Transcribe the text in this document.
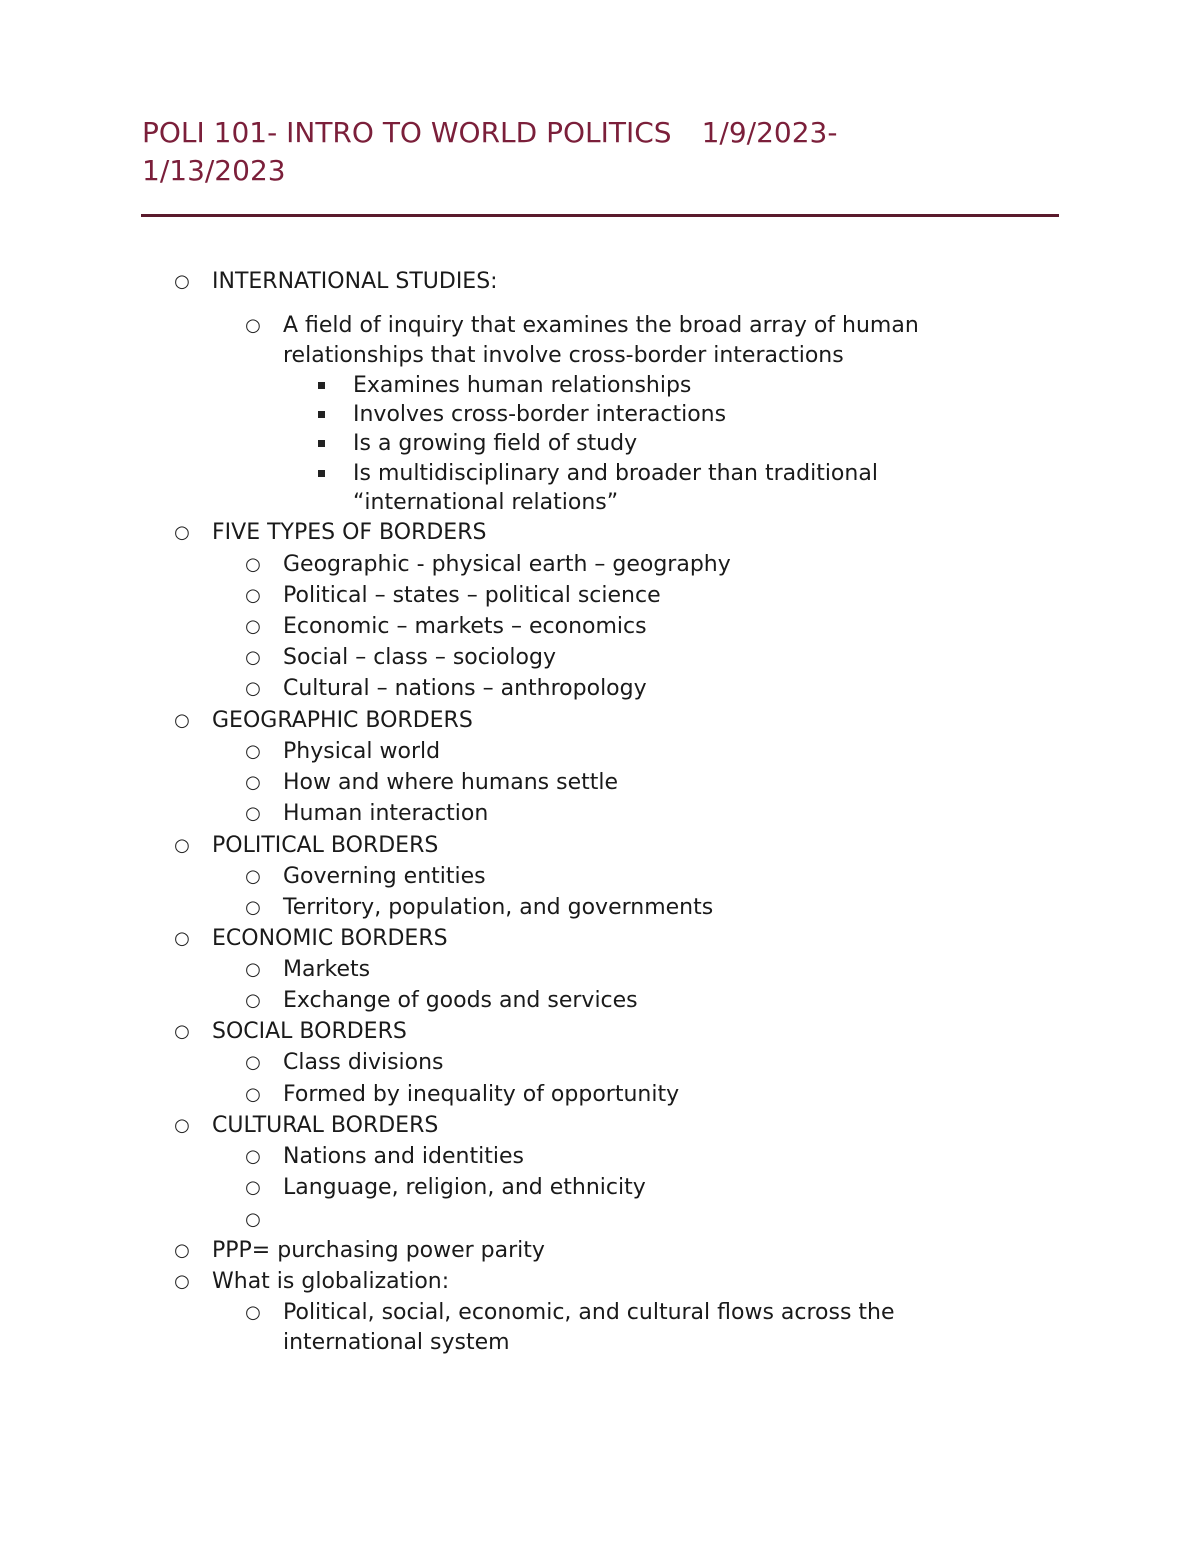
POLI 101- INTRO TO WORLD POLITICS 1/9/2023-
1/13/2023
○ INTERNATIONAL STUDIES:
○ A field of inquiry that examines the broad array of human
relationships that involve cross-border interactions
Examines human relationships
Involves cross-border interactions
Is a growing field of study
Is multidisciplinary and broader than traditional
“international relations”
○ FIVE TYPES OF BORDERS
○ Geographic - physical earth – geography
○ Political – states – political science
○ Economic – markets – economics
○ Social – class – sociology
○ Cultural – nations – anthropology
○ GEOGRAPHIC BORDERS
○ Physical world
○ How and where humans settle
○ Human interaction
○ POLITICAL BORDERS
○ Governing entities
○ Territory, population, and governments
○ ECONOMIC BORDERS
○ Markets
○ Exchange of goods and services
○ SOCIAL BORDERS
○ Class divisions
○ Formed by inequality of opportunity
○ CULTURAL BORDERS
○ Nations and identities
○ Language, religion, and ethnicity
○
○ PPP= purchasing power parity
○ What is globalization:
○ Political, social, economic, and cultural flows across the
international system
